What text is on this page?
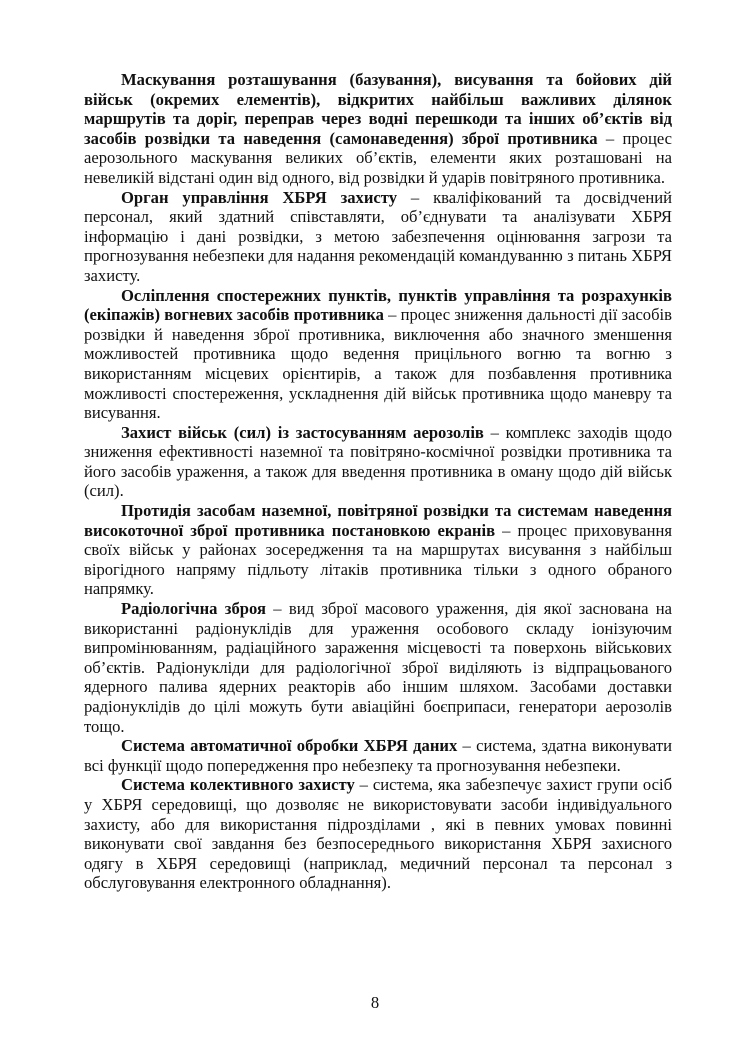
Маскування розташування (базування), висування та бойових дій військ (окремих елементів), відкритих найбільш важливих ділянок маршрутів та доріг, переправ через водні перешкоди та інших об’єктів від засобів розвідки та наведення (самонаведення) зброї противника – процес аерозольного маскування великих об’єктів, елементи яких розташовані на невеликій відстані один від одного, від розвідки й ударів повітряного противника.

Орган управління ХБРЯ захисту – кваліфікований та досвідчений персонал, який здатний співставляти, об’єднувати та аналізувати ХБРЯ інформацію і дані розвідки, з метою забезпечення оцінювання загрози та прогнозування небезпеки для надання рекомендацій командуванню з питань ХБРЯ захисту.

Осліплення спостережних пунктів, пунктів управління та розрахунків (екіпажів) вогневих засобів противника – процес зниження дальності дії засобів розвідки й наведення зброї противника, виключення або значного зменшення можливостей противника щодо ведення прицільного вогню та вогню з використанням місцевих орієнтирів, а також для позбавлення противника можливості спостереження, ускладнення дій військ противника щодо маневру та висування.

Захист військ (сил) із застосуванням аерозолів – комплекс заходів щодо зниження ефективності наземної та повітряно-космічної розвідки противника та його засобів ураження, а також для введення противника в оману щодо дій військ (сил).

Протидія засобам наземної, повітряної розвідки та системам наведення високоточної зброї противника постановкою екранів – процес приховування своїх військ у районах зосередження та на маршрутах висування з найбільш вірогідного напряму підльоту літаків противника тільки з одного обраного напрямку.

Радіологічна зброя – вид зброї масового ураження, дія якої заснована на використанні радіонуклідів для ураження особового складу іонізуючим випромінюванням, радіаційного зараження місцевості та поверхонь військових об’єктів. Радіонукліди для радіологічної зброї виділяють із відпрацьованого ядерного палива ядерних реакторів або іншим шляхом. Засобами доставки радіонуклідів до цілі можуть бути авіаційні боєприпаси, генератори аерозолів тощо.

Система автоматичної обробки ХБРЯ даних – система, здатна виконувати всі функції щодо попередження про небезпеку та прогнозування небезпеки.

Система колективного захисту – система, яка забезпечує захист групи осіб у ХБРЯ середовищі, що дозволяє не використовувати засоби індивідуального захисту, або для використання підрозділами , які в певних умовах повинні виконувати свої завдання без безпосереднього використання ХБРЯ захисного одягу в ХБРЯ середовищі (наприклад, медичний персонал та персонал з обслуговування електронного обладнання).

8
